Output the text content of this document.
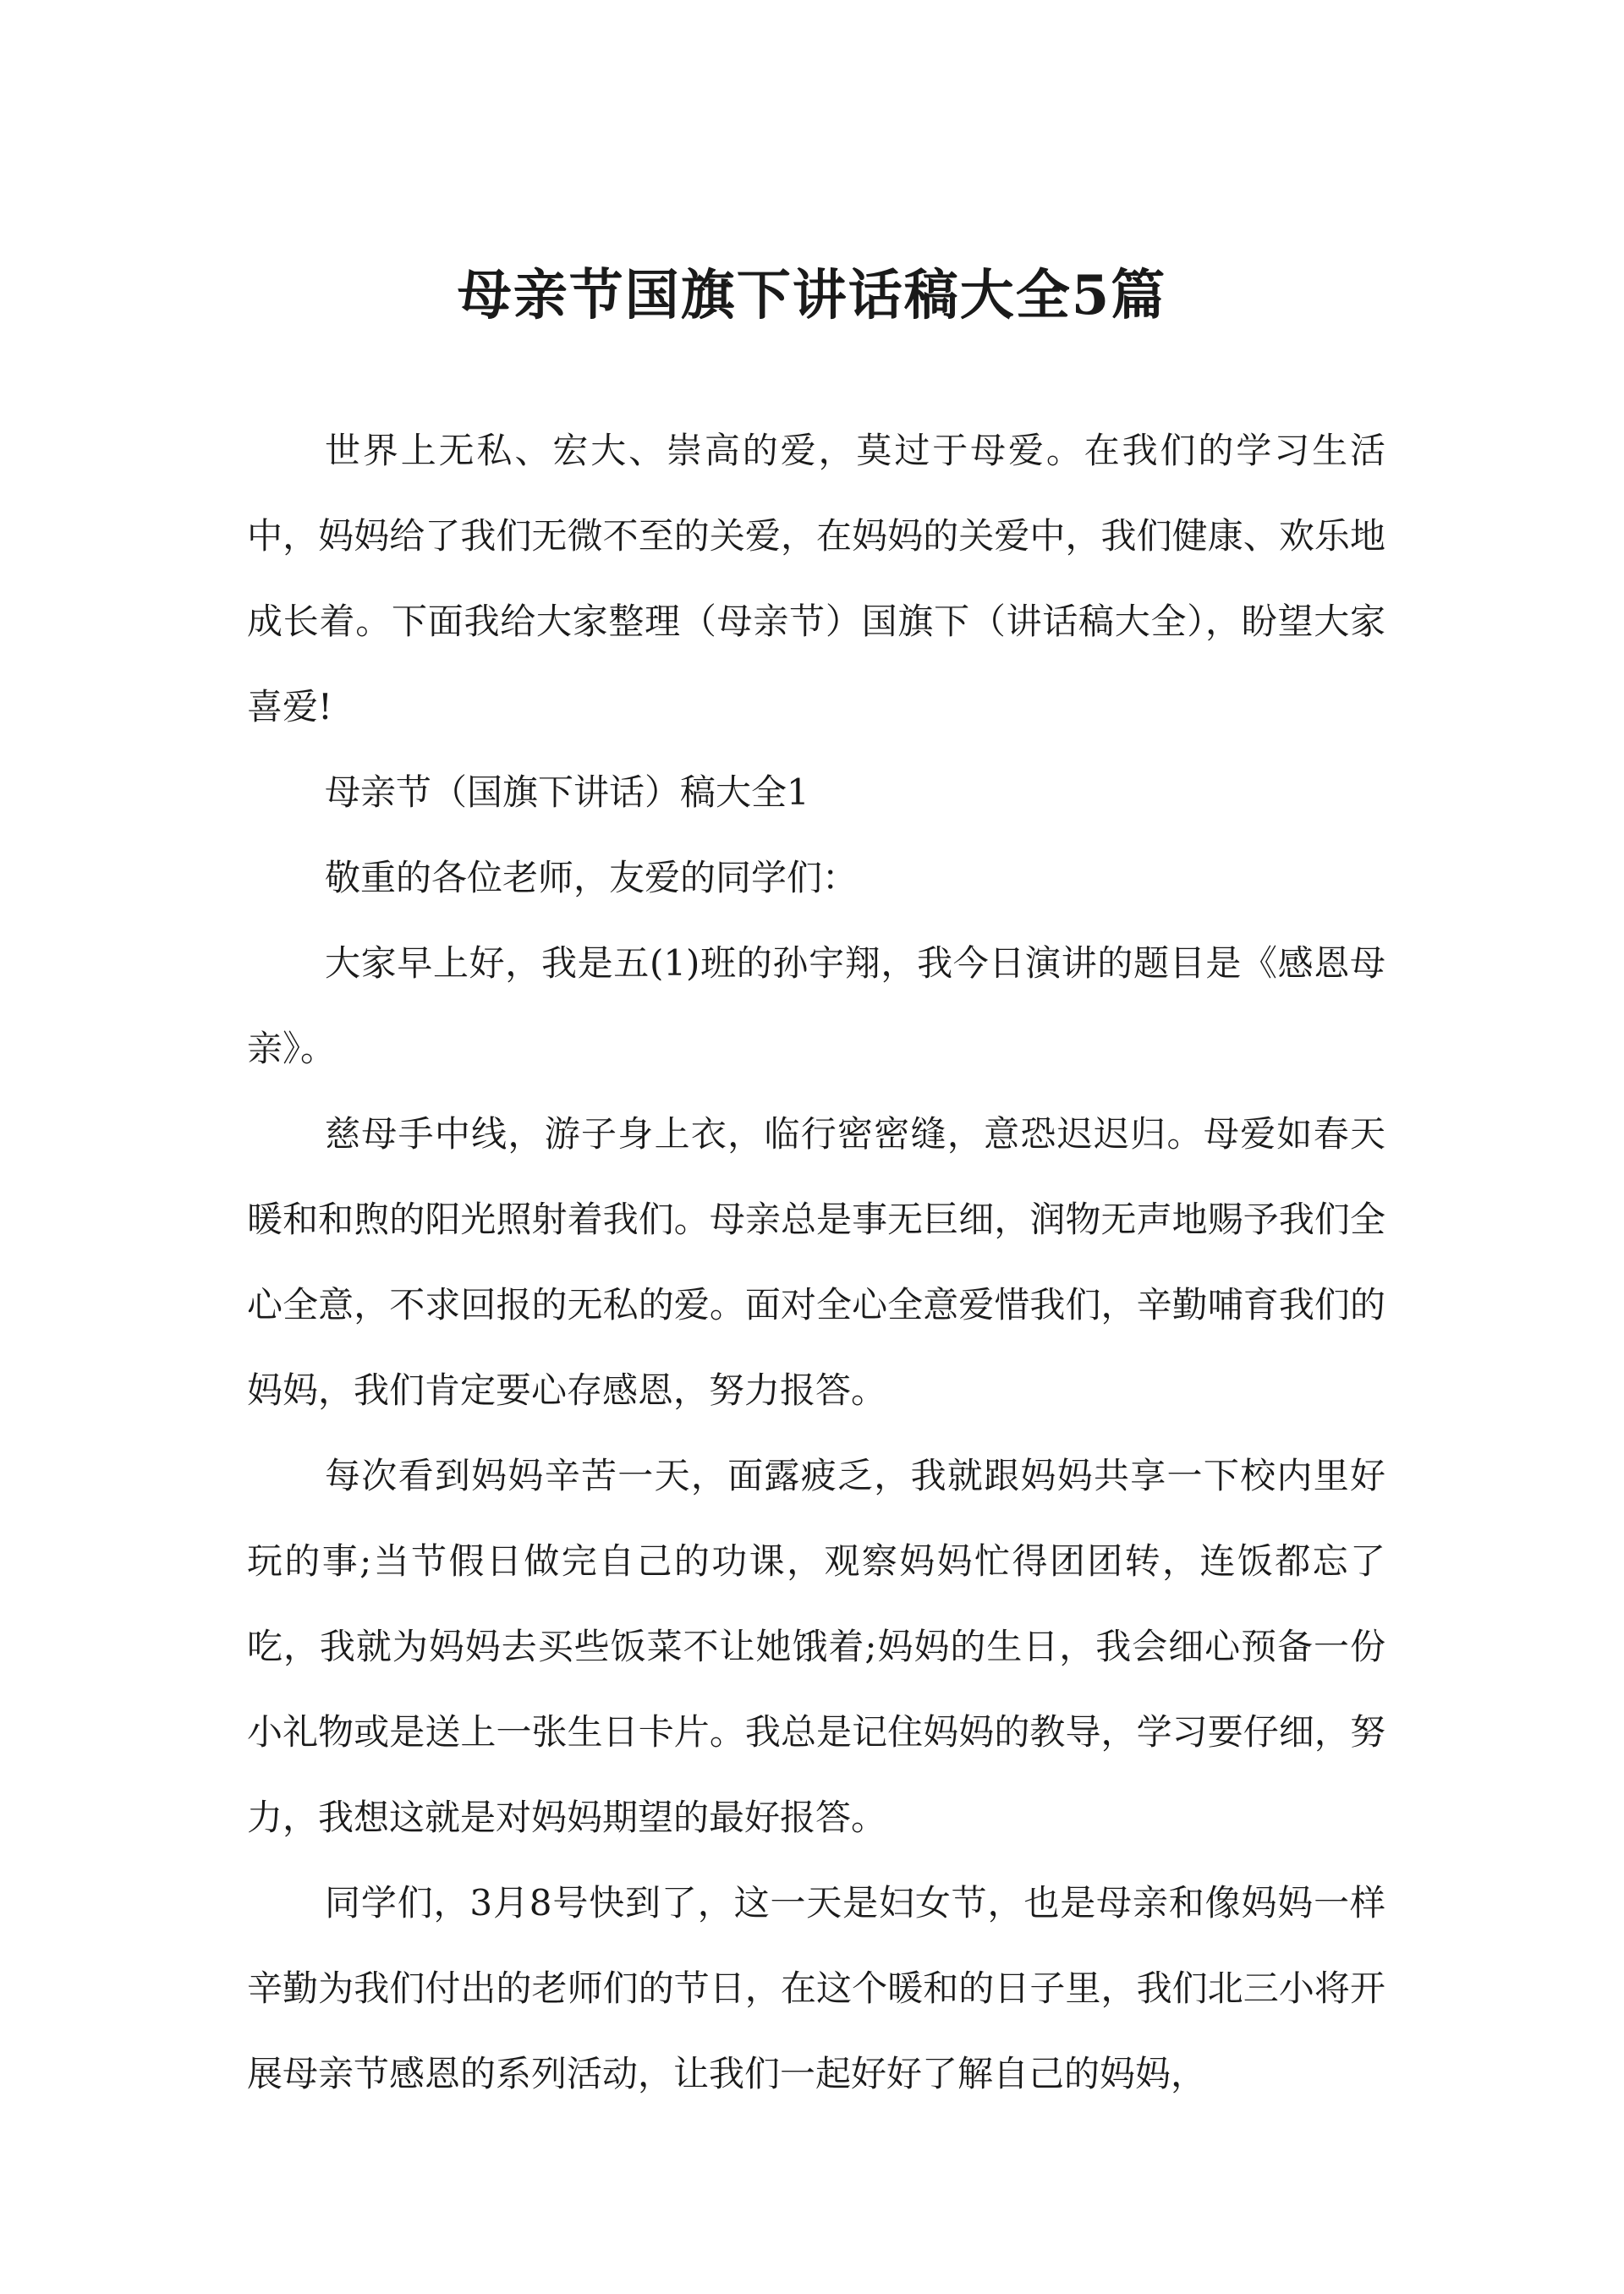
母亲节国旗下讲话稿大全5篇

世界上无私、宏大、崇高的爱，莫过于母爱。在我们的学习生活中，妈妈给了我们无微不至的关爱，在妈妈的关爱中，我们健康、欢乐地成长着。下面我给大家整理（母亲节）国旗下（讲话稿大全），盼望大家喜爱!

母亲节（国旗下讲话）稿大全1

敬重的各位老师，友爱的同学们：

大家早上好，我是五(1)班的孙宇翔，我今日演讲的题目是《感恩母亲》。

慈母手中线，游子身上衣，临行密密缝，意恐迟迟归。母爱如春天暖和和煦的阳光照射着我们。母亲总是事无巨细，润物无声地赐予我们全心全意，不求回报的无私的爱。面对全心全意爱惜我们，辛勤哺育我们的妈妈，我们肯定要心存感恩，努力报答。

每次看到妈妈辛苦一天，面露疲乏，我就跟妈妈共享一下校内里好玩的事;当节假日做完自己的功课，观察妈妈忙得团团转，连饭都忘了吃，我就为妈妈去买些饭菜不让她饿着;妈妈的生日，我会细心预备一份小礼物或是送上一张生日卡片。我总是记住妈妈的教导，学习要仔细，努力，我想这就是对妈妈期望的最好报答。

同学们，3月8号快到了，这一天是妇女节，也是母亲和像妈妈一样辛勤为我们付出的老师们的节日，在这个暖和的日子里，我们北三小将开展母亲节感恩的系列活动，让我们一起好好了解自己的妈妈，
